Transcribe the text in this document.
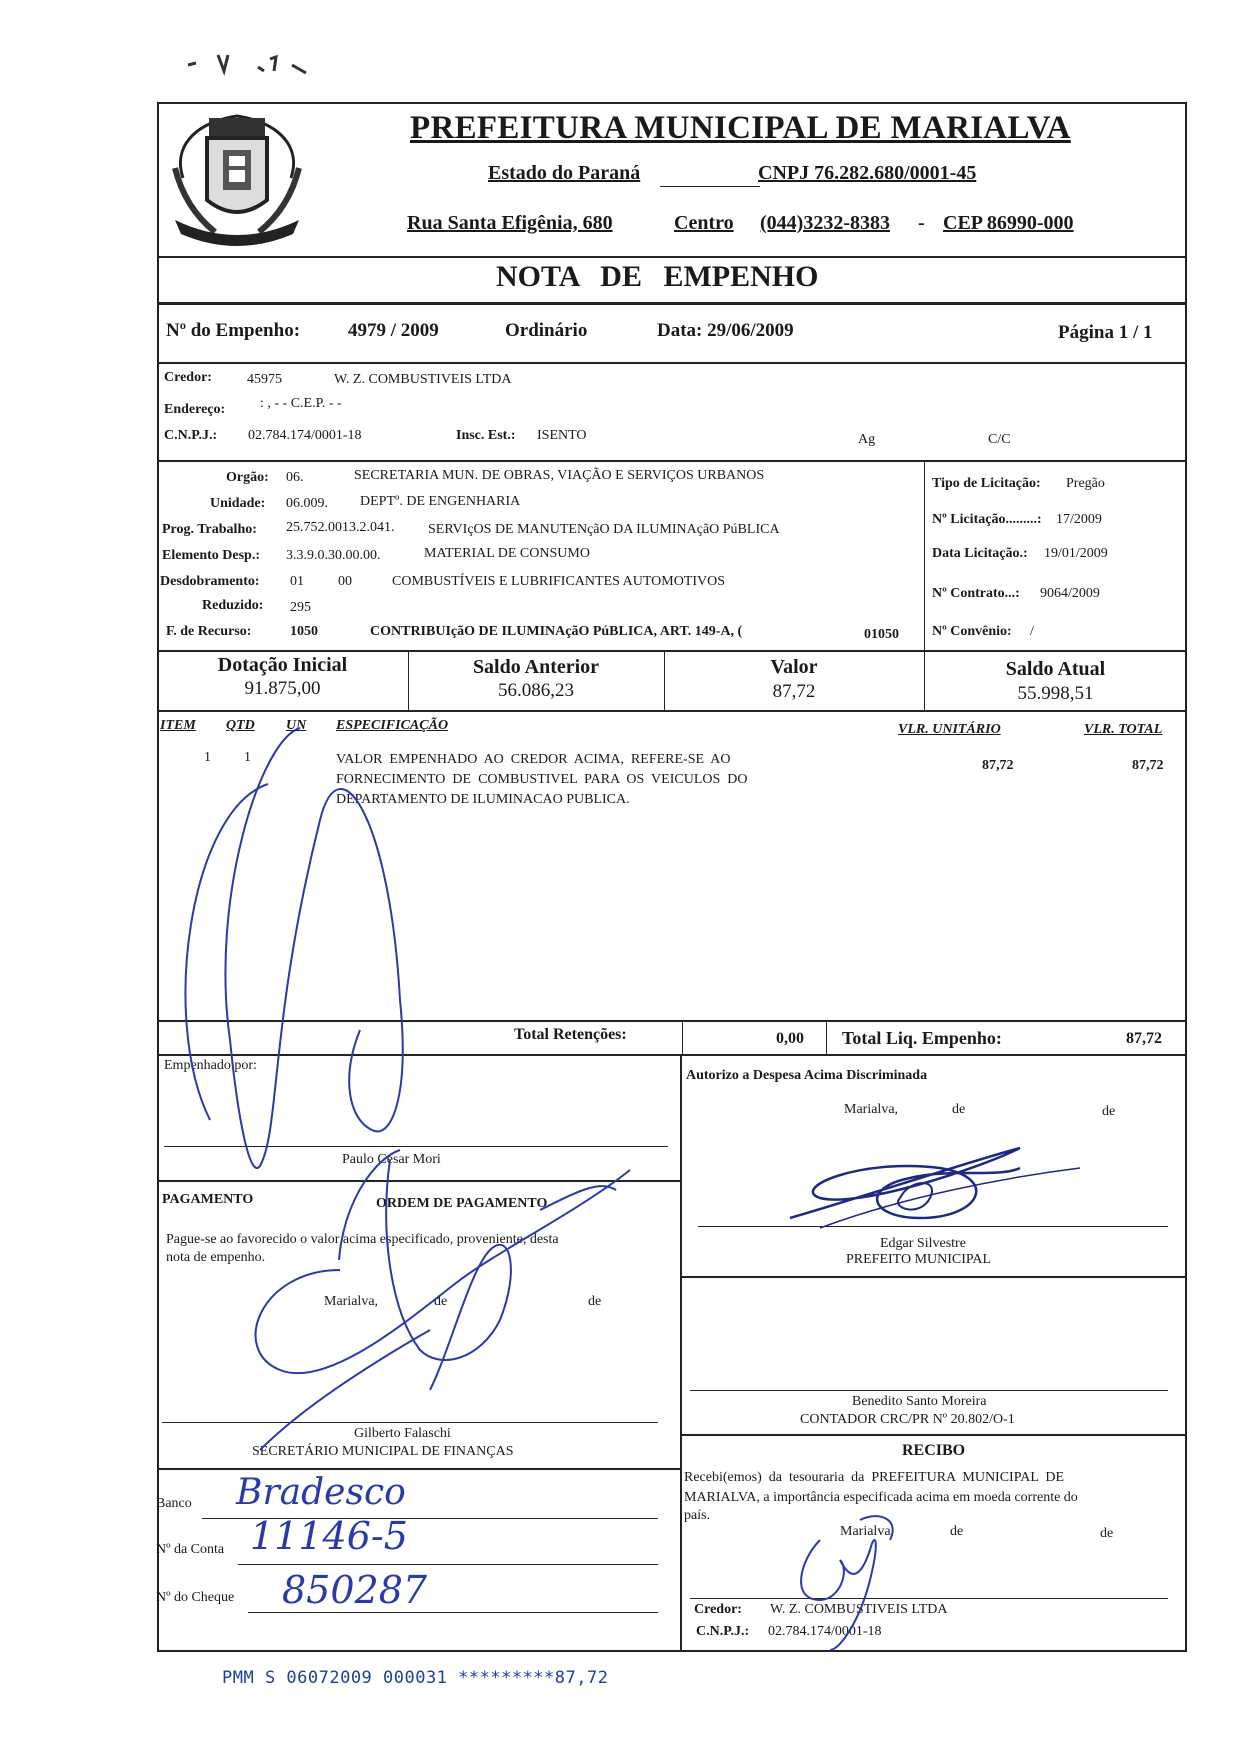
PREFEITURA MUNICIPAL DE MARIALVA
Estado do Paraná	CNPJ 76.282.680/0001-45
Rua Santa Efigênia, 680	Centro (044)3232-8383 - CEP 86990-000
NOTA DE EMPENHO
Nº do Empenho:	4979 / 2009	Ordinário	Data: 29/06/2009	Página 1 / 1
Credor:	45975	W. Z. COMBUSTIVEIS LTDA
Endereço: : , - - C.E.P. - -
C.N.P.J.: 02.784.174/0001-18	Insc. Est.: ISENTO	Ag	C/C
Orgão: 06.	SECRETARIA MUN. DE OBRAS, VIAÇÃO E SERVIÇOS URBANOS
Unidade: 06.009. DEPTº. DE ENGENHARIA
Prog. Trabalho: 25.752.0013.2.041. SERVIçOS DE MANUTENçãO DA ILUMINAçãO PúBLICA
Elemento Desp.: 3.3.9.0.30.00.00.	MATERIAL DE CONSUMO
Desdobramento: 01 00	COMBUSTÍVEIS E LUBRIFICANTES AUTOMOTIVOS
Reduzido: 295
F. de Recurso:	1050	CONTRIBUIçãO DE ILUMINAçãO PúBLICA, ART. 149-A, (	01050
Tipo de Licitação: Pregão
Nº Licitação.........: 17/2009
Data Licitação.: 19/01/2009
Nº Contrato...: 9064/2009
Nº Convênio: /
Dotação Inicial
91.875,00
Saldo Anterior
56.086,23
Valor
87,72
Saldo Atual
55.998,51
ITEM QTD UN ESPECIFICAÇÃO	VLR. UNITÁRIO	VLR. TOTAL
1 1	VALOR  EMPENHADO  AO  CREDOR  ACIMA,  REFERE-SE  AO
FORNECIMENTO  DE  COMBUSTIVEL  PARA  OS  VEICULOS  DO
DEPARTAMENTO DE ILUMINACAO PUBLICA.
87,72	87,72
Total Retenções:	0,00 Total Liq. Empenho:	87,72
Empenhado por:
Paulo César Mori
Autorizo a Despesa Acima Discriminada
Marialva,	de	de
Edgar Silvestre
PREFEITO MUNICIPAL
PAGAMENTO	ORDEM DE PAGAMENTO
Pague-se ao favorecido o valor acima especificado, proveniente, desta
nota de empenho.
Marialva,	de	de
Gilberto Falaschi
SECRETÁRIO MUNICIPAL DE FINANÇAS
Benedito Santo Moreira
CONTADOR CRC/PR Nº 20.802/O-1
Banco Bradesco
Nº da Conta 11146-5
Nº do Cheque 850287
RECIBO
Recebi(emos)  da  tesouraria  da  PREFEITURA  MUNICIPAL  DE
MARIALVA, a importância especificada acima em moeda corrente do
país.
Marialva,	de	de
Credor: W. Z. COMBUSTIVEIS LTDA
C.N.P.J.: 02.784.174/0001-18
PMM S 06072009 000031 *********87,72
